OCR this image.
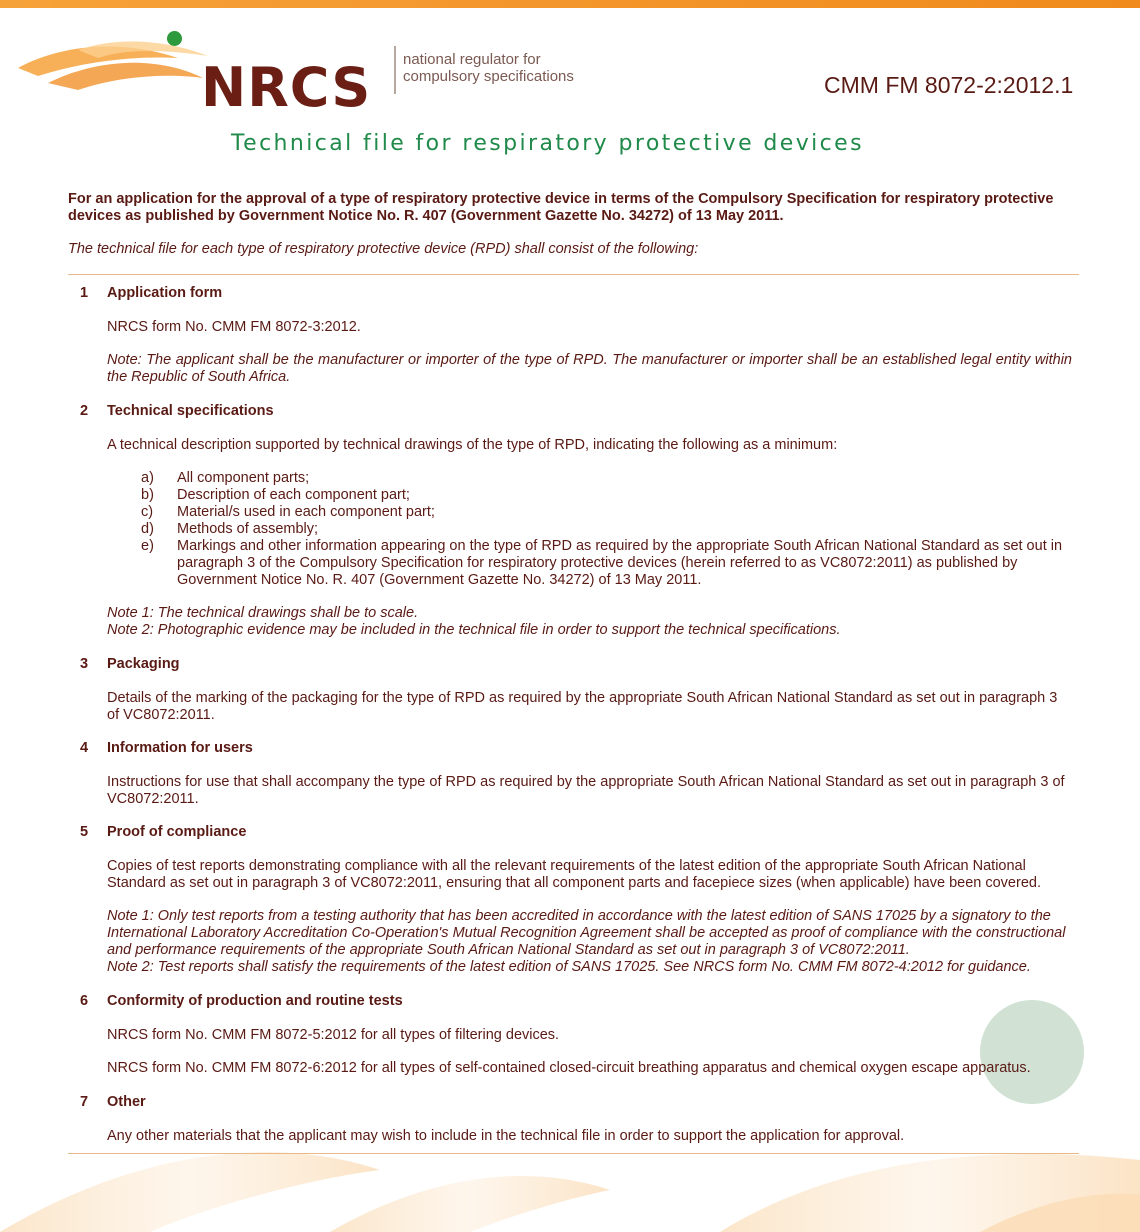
NRCS national regulator for
compulsory specifications	CMM FM 8072-2:2012.1
Technical file for respiratory protective devices

For an application for the approval of a type of respiratory protective device in terms of the Compulsory Specification for respiratory protective devices as published by Government Notice No. R. 407 (Government Gazette No. 34272) of 13 May 2011.

The technical file for each type of respiratory protective device (RPD) shall consist of the following:

1 Application form

NRCS form No. CMM FM 8072-3:2012.

Note: The applicant shall be the manufacturer or importer of the type of RPD. The manufacturer or importer shall be an established legal entity within the Republic of South Africa.

2 Technical specifications

A technical description supported by technical drawings of the type of RPD, indicating the following as a minimum:

a) All component parts;
b) Description of each component part;
c) Material/s used in each component part;
d) Methods of assembly;
e) Markings and other information appearing on the type of RPD as required by the appropriate South African National Standard as set out in paragraph 3 of the Compulsory Specification for respiratory protective devices (herein referred to as VC8072:2011) as published by Government Notice No. R. 407 (Government Gazette No. 34272) of 13 May 2011.

Note 1: The technical drawings shall be to scale.

Note 2: Photographic evidence may be included in the technical file in order to support the technical specifications.

3 Packaging

Details of the marking of the packaging for the type of RPD as required by the appropriate South African National Standard as set out in paragraph 3 of VC8072:2011.

4 Information for users

Instructions for use that shall accompany the type of RPD as required by the appropriate South African National Standard as set out in paragraph 3 of VC8072:2011.

5 Proof of compliance

Copies of test reports demonstrating compliance with all the relevant requirements of the latest edition of the appropriate South African National Standard as set out in paragraph 3 of VC8072:2011, ensuring that all component parts and facepiece sizes (when applicable) have been covered.

Note 1: Only test reports from a testing authority that has been accredited in accordance with the latest edition of SANS 17025 by a signatory to the International Laboratory Accreditation Co-Operation's Mutual Recognition Agreement shall be accepted as proof of compliance with the constructional and performance requirements of the appropriate South African National Standard as set out in paragraph 3 of VC8072:2011.

Note 2: Test reports shall satisfy the requirements of the latest edition of SANS 17025. See NRCS form No. CMM FM 8072-4:2012 for guidance.

6 Conformity of production and routine tests

NRCS form No. CMM FM 8072-5:2012 for all types of filtering devices.

NRCS form No. CMM FM 8072-6:2012 for all types of self-contained closed-circuit breathing apparatus and chemical oxygen escape apparatus.

7 Other

Any other materials that the applicant may wish to include in the technical file in order to support the application for approval.
